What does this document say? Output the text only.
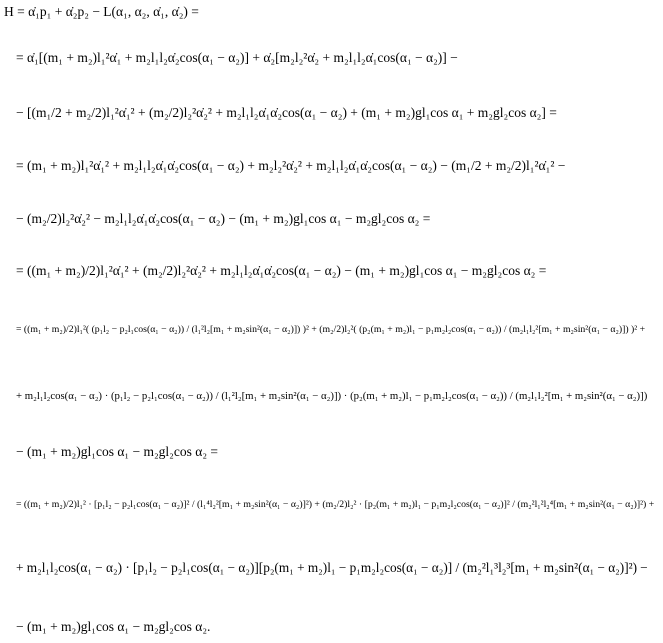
H = α̇₁p₁ + α̇₂p₂ − L(α₁, α₂, α̇₁, α̇₂) =
= α̇₁[(m₁ + m₂)l₁²α̇₁ + m₂l₁l₂α̇₂cos(α₁ − α₂)] + α̇₂[m₂l₂²α̇₂ + m₂l₁l₂α̇₁cos(α₁ − α₂)] −
− [(m₁/2 + m₂/2)l₁²α̇₁² + (m₂/2)l₂²α̇₂² + m₂l₁l₂α̇₁α̇₂cos(α₁ − α₂) + (m₁ + m₂)gl₁cos α₁ + m₂gl₂cos α₂] =
= (m₁ + m₂)l₁²α̇₁² + m₂l₁l₂α̇₁α̇₂cos(α₁ − α₂) + m₂l₂²α̇₂² + m₂l₁l₂α̇₁α̇₂cos(α₁ − α₂) − (m₁/2 + m₂/2)l₁²α̇₁² −
− (m₂/2)l₂²α̇₂² − m₂l₁l₂α̇₁α̇₂cos(α₁ − α₂) − (m₁ + m₂)gl₁cos α₁ − m₂gl₂cos α₂ =
= ((m₁ + m₂)/2)l₁²α̇₁² + (m₂/2)l₂²α̇₂² + m₂l₁l₂α̇₁α̇₂cos(α₁ − α₂) − (m₁ + m₂)gl₁cos α₁ − m₂gl₂cos α₂ =
= ((m₁ + m₂)/2)l₁²( (p₁l₂ − p₂l₁cos(α₁ − α₂)) / (l₁²l₂[m₁ + m₂sin²(α₁ − α₂)]) )² + (m₂/2)l₂²( (p₂(m₁ + m₂)l₁ − p₁m₂l₂cos(α₁ − α₂)) / (m₂l₁l₂²[m₁ + m₂sin²(α₁ − α₂)]) )² +
+ m₂l₁l₂cos(α₁ − α₂) · (p₁l₂ − p₂l₁cos(α₁ − α₂)) / (l₁²l₂[m₁ + m₂sin²(α₁ − α₂)]) · (p₂(m₁ + m₂)l₁ − p₁m₂l₂cos(α₁ − α₂)) / (m₂l₁l₂²[m₁ + m₂sin²(α₁ − α₂)])
− (m₁ + m₂)gl₁cos α₁ − m₂gl₂cos α₂ =
= ((m₁ + m₂)/2)l₁² · [p₁l₂ − p₂l₁cos(α₁ − α₂)]² / (l₁⁴l₂²[m₁ + m₂sin²(α₁ − α₂)]²) + (m₂/2)l₂² · [p₂(m₁ + m₂)l₁ − p₁m₂l₂cos(α₁ − α₂)]² / (m₂²l₁²l₂⁴[m₁ + m₂sin²(α₁ − α₂)]²) +
+ m₂l₁l₂cos(α₁ − α₂) · [p₁l₂ − p₂l₁cos(α₁ − α₂)][p₂(m₁ + m₂)l₁ − p₁m₂l₂cos(α₁ − α₂)] / (m₂²l₁³l₂³[m₁ + m₂sin²(α₁ − α₂)]²) −
− (m₁ + m₂)gl₁cos α₁ − m₂gl₂cos α₂.
